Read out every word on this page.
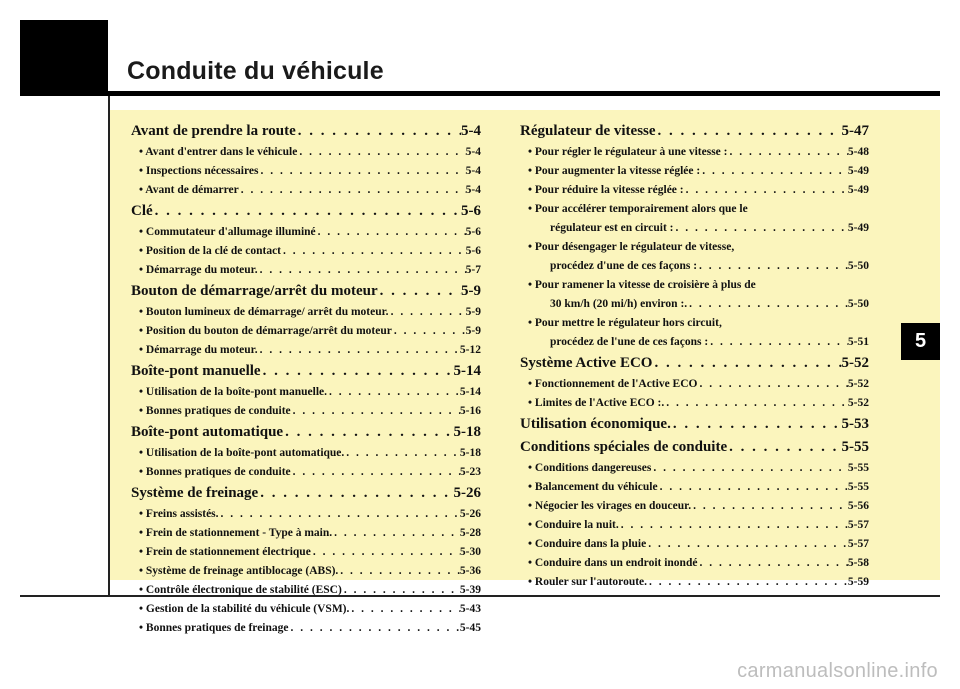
Conduite du véhicule
5
Avant de prendre la route . . .	5-4
• Avant d'entrer dans le véhicule . . .	5-4
• Inspections nécessaires . . .	5-4
• Avant de démarrer . . .	5-4
Clé . . .	5-6
• Commutateur d'allumage illuminé . . .	5-6
• Position de la clé de contact . . .	5-6
• Démarrage du moteur. . . .	5-7
Bouton de démarrage/arrêt du moteur . . .	5-9
• Bouton lumineux de démarrage/ arrêt du moteur. . . .	5-9
• Position du bouton de démarrage/arrêt du moteur . . .	5-9
• Démarrage du moteur. . . .	5-12
Boîte-pont manuelle . . .	5-14
• Utilisation de la boîte-pont manuelle. . . .	5-14
• Bonnes pratiques de conduite . . .	5-16
Boîte-pont automatique . . .	5-18
• Utilisation de la boîte-pont automatique. . . .	5-18
• Bonnes pratiques de conduite . . .	5-23
Système de freinage . . .	5-26
• Freins assistés. . . .	5-26
• Frein de stationnement - Type à main. . . .	5-28
• Frein de stationnement électrique . . .	5-30
• Système de freinage antiblocage (ABS). . . .	5-36
• Contrôle électronique de stabilité (ESC) . . .	5-39
• Gestion de la stabilité du véhicule (VSM). . . .	5-43
• Bonnes pratiques de freinage . . .	5-45
Régulateur de vitesse . . .	5-47
• Pour régler le régulateur à une vitesse : . . .	5-48
• Pour augmenter la vitesse réglée : . . .	5-49
• Pour réduire la vitesse réglée : . . .	5-49
• Pour accélérer temporairement alors que le
régulateur est en circuit : . . .	5-49
• Pour désengager le régulateur de vitesse,
procédez d'une de ces façons : . . .	5-50
• Pour ramener la vitesse de croisière à plus de
30 km/h (20 mi/h) environ :. . . .	5-50
• Pour mettre le régulateur hors circuit,
procédez de l'une de ces façons : . . .	5-51
Système Active ECO . . .	5-52
• Fonctionnement de l'Active ECO . . .	5-52
• Limites de l'Active ECO :. . . .	5-52
Utilisation économique. . . .	5-53
Conditions spéciales de conduite . . .	5-55
• Conditions dangereuses . . .	5-55
• Balancement du véhicule . . .	5-55
• Négocier les virages en douceur. . . .	5-56
• Conduire la nuit. . . .	5-57
• Conduire dans la pluie . . .	5-57
• Conduire dans un endroit inondé . . .	5-58
• Rouler sur l'autoroute. . . .	5-59
carmanualsonline.info
